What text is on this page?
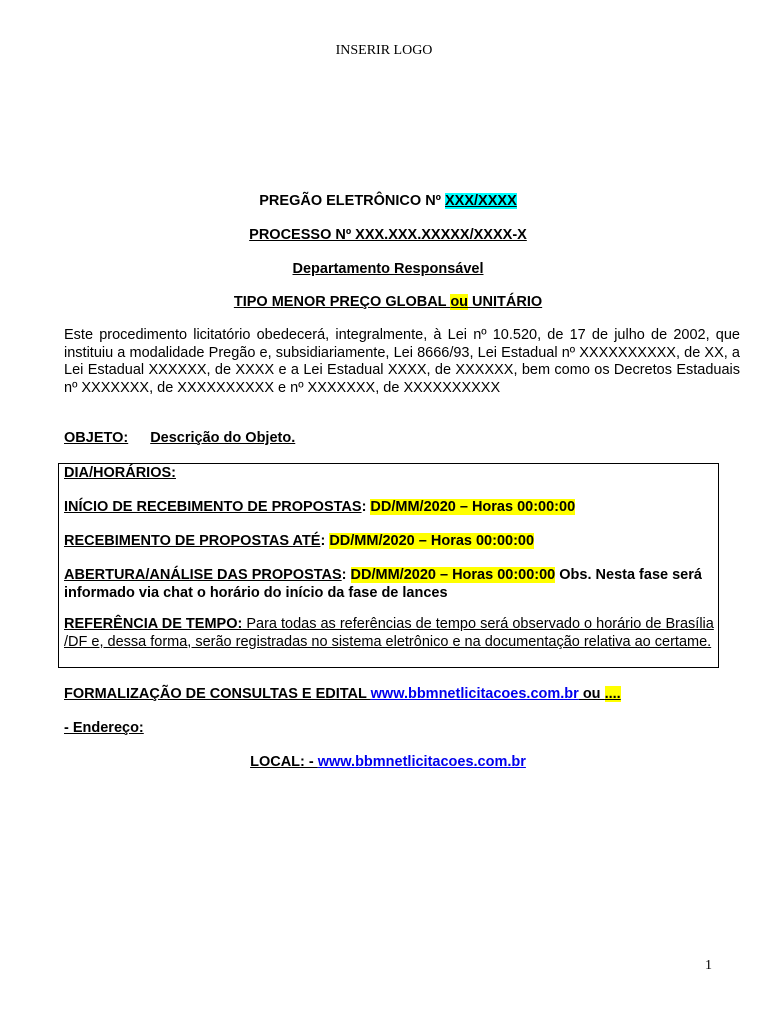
INSERIR LOGO
PREGÃO ELETRÔNICO Nº XXX/XXXX
PROCESSO Nº XXX.XXX.XXXXX/XXXX-X
Departamento Responsável
TIPO MENOR PREÇO GLOBAL ou UNITÁRIO
Este procedimento licitatório obedecerá, integralmente, à Lei nº 10.520, de 17 de julho de 2002, que instituiu a modalidade Pregão e, subsidiariamente, Lei 8666/93, Lei Estadual nº XXXXXXXXXX, de XX, a Lei Estadual XXXXXX, de XXXX e a Lei Estadual XXXX, de XXXXXX, bem como os Decretos Estaduais nº XXXXXXX, de XXXXXXXXXX e nº XXXXXXX, de XXXXXXXXXX
OBJETO: Descrição do Objeto.
DIA/HORÁRIOS:
INÍCIO DE RECEBIMENTO DE PROPOSTAS: DD/MM/2020 – Horas 00:00:00
RECEBIMENTO DE PROPOSTAS ATÉ: DD/MM/2020 – Horas 00:00:00
ABERTURA/ANÁLISE DAS PROPOSTAS: DD/MM/2020 – Horas 00:00:00 Obs. Nesta fase será informado via chat o horário do início da fase de lances
REFERÊNCIA DE TEMPO: Para todas as referências de tempo será observado o horário de Brasília /DF e, dessa forma, serão registradas no sistema eletrônico e na documentação relativa ao certame.
FORMALIZAÇÃO DE CONSULTAS E EDITAL www.bbmnetlicitacoes.com.br ou ....
- Endereço:
LOCAL: - www.bbmnetlicitacoes.com.br
1
